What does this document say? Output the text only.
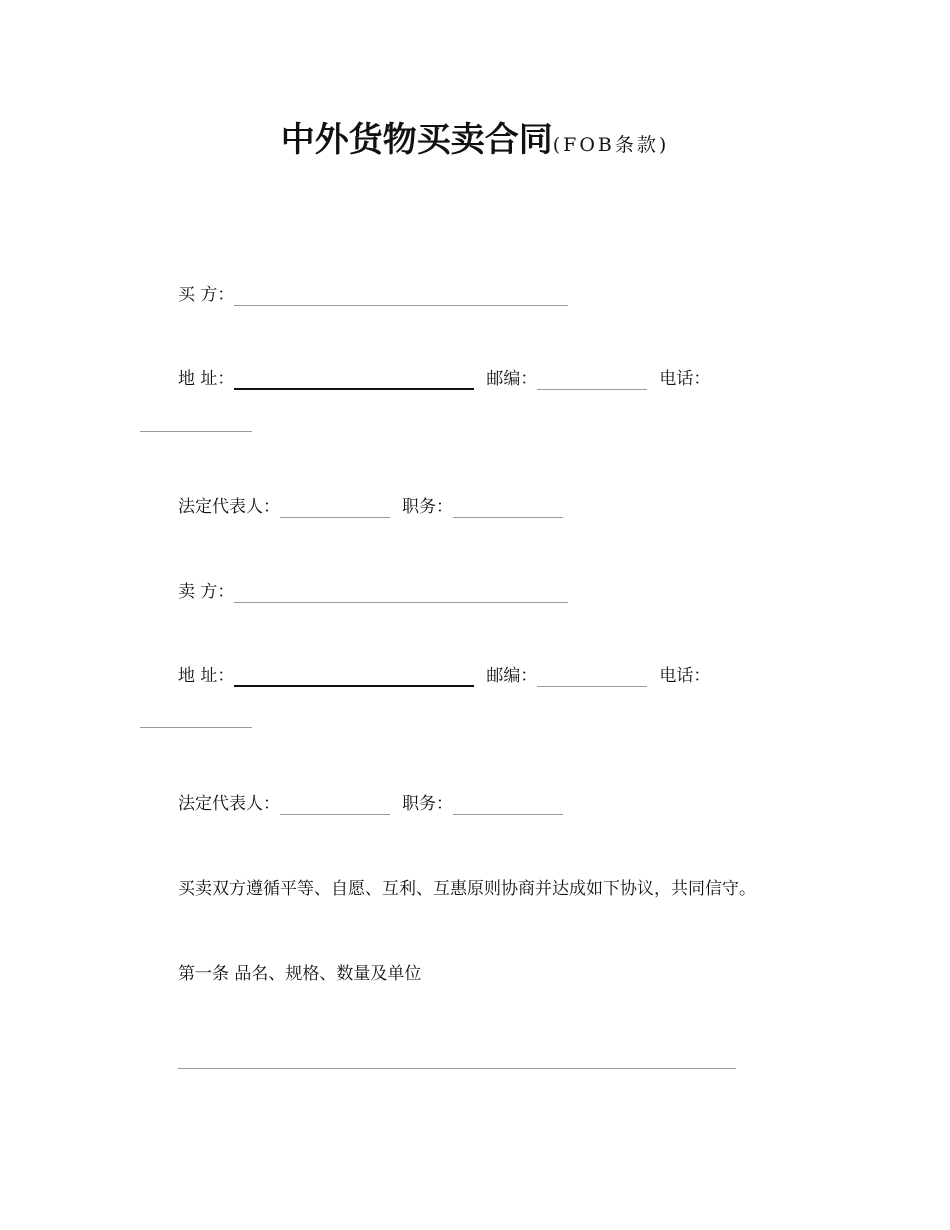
中外货物买卖合同(FOB条款)
买 方：
地 址：	邮编：	电话：
法定代表人：	职务：
卖 方：
地 址：	邮编：	电话：
法定代表人：	职务：
买卖双方遵循平等、自愿、互利、互惠原则协商并达成如下协议，共同信守。
第一条 品名、规格、数量及单位
